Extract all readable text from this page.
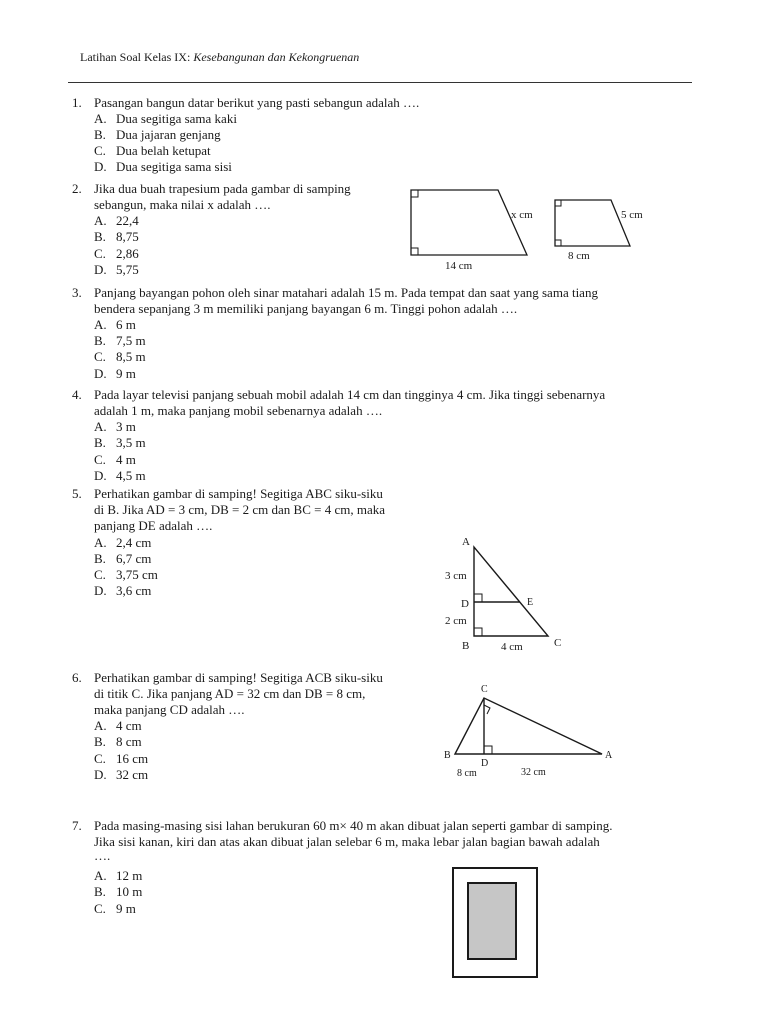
Latihan Soal Kelas IX: Kesebangunan dan Kekongruenan
1. Pasangan bangun datar berikut yang pasti sebangun adalah ….
A. Dua segitiga sama kaki
B. Dua jajaran genjang
C. Dua belah ketupat
D. Dua segitiga sama sisi
2. Jika dua buah trapesium pada gambar di samping
sebangun, maka nilai x adalah ….
A. 22,4
B. 8,75
C. 2,86
D. 5,75
x cm
14 cm
5 cm
8 cm
3. Panjang bayangan pohon oleh sinar matahari adalah 15 m. Pada tempat dan saat yang sama tiang
bendera sepanjang 3 m memiliki panjang bayangan 6 m. Tinggi pohon adalah ….
A. 6 m
B. 7,5 m
C. 8,5 m
D. 9 m
4. Pada layar televisi panjang sebuah mobil adalah 14 cm dan tingginya 4 cm. Jika tinggi sebenarnya
adalah 1 m, maka panjang mobil sebenarnya adalah ….
A. 3 m
B. 3,5 m
C. 4 m
D. 4,5 m
5. Perhatikan gambar di samping! Segitiga ABC siku-siku
di B. Jika AD = 3 cm, DB = 2 cm dan BC = 4 cm, maka
panjang DE adalah ….
A. 2,4 cm
B. 6,7 cm
C. 3,75 cm
D. 3,6 cm
A
3 cm
D	E
2 cm
B	4 cm	C
6. Perhatikan gambar di samping! Segitiga ACB siku-siku
di titik C. Jika panjang AD = 32 cm dan DB = 8 cm,
maka panjang CD adalah ….
A. 4 cm
B. 8 cm
C. 16 cm
D. 32 cm
C
B
D
A
8 cm	32 cm
7. Pada masing-masing sisi lahan berukuran 60 m× 40 m akan dibuat jalan seperti gambar di samping.
Jika sisi kanan, kiri dan atas akan dibuat jalan selebar 6 m, maka lebar jalan bagian bawah adalah
….
A. 12 m
B. 10 m
C. 9 m
